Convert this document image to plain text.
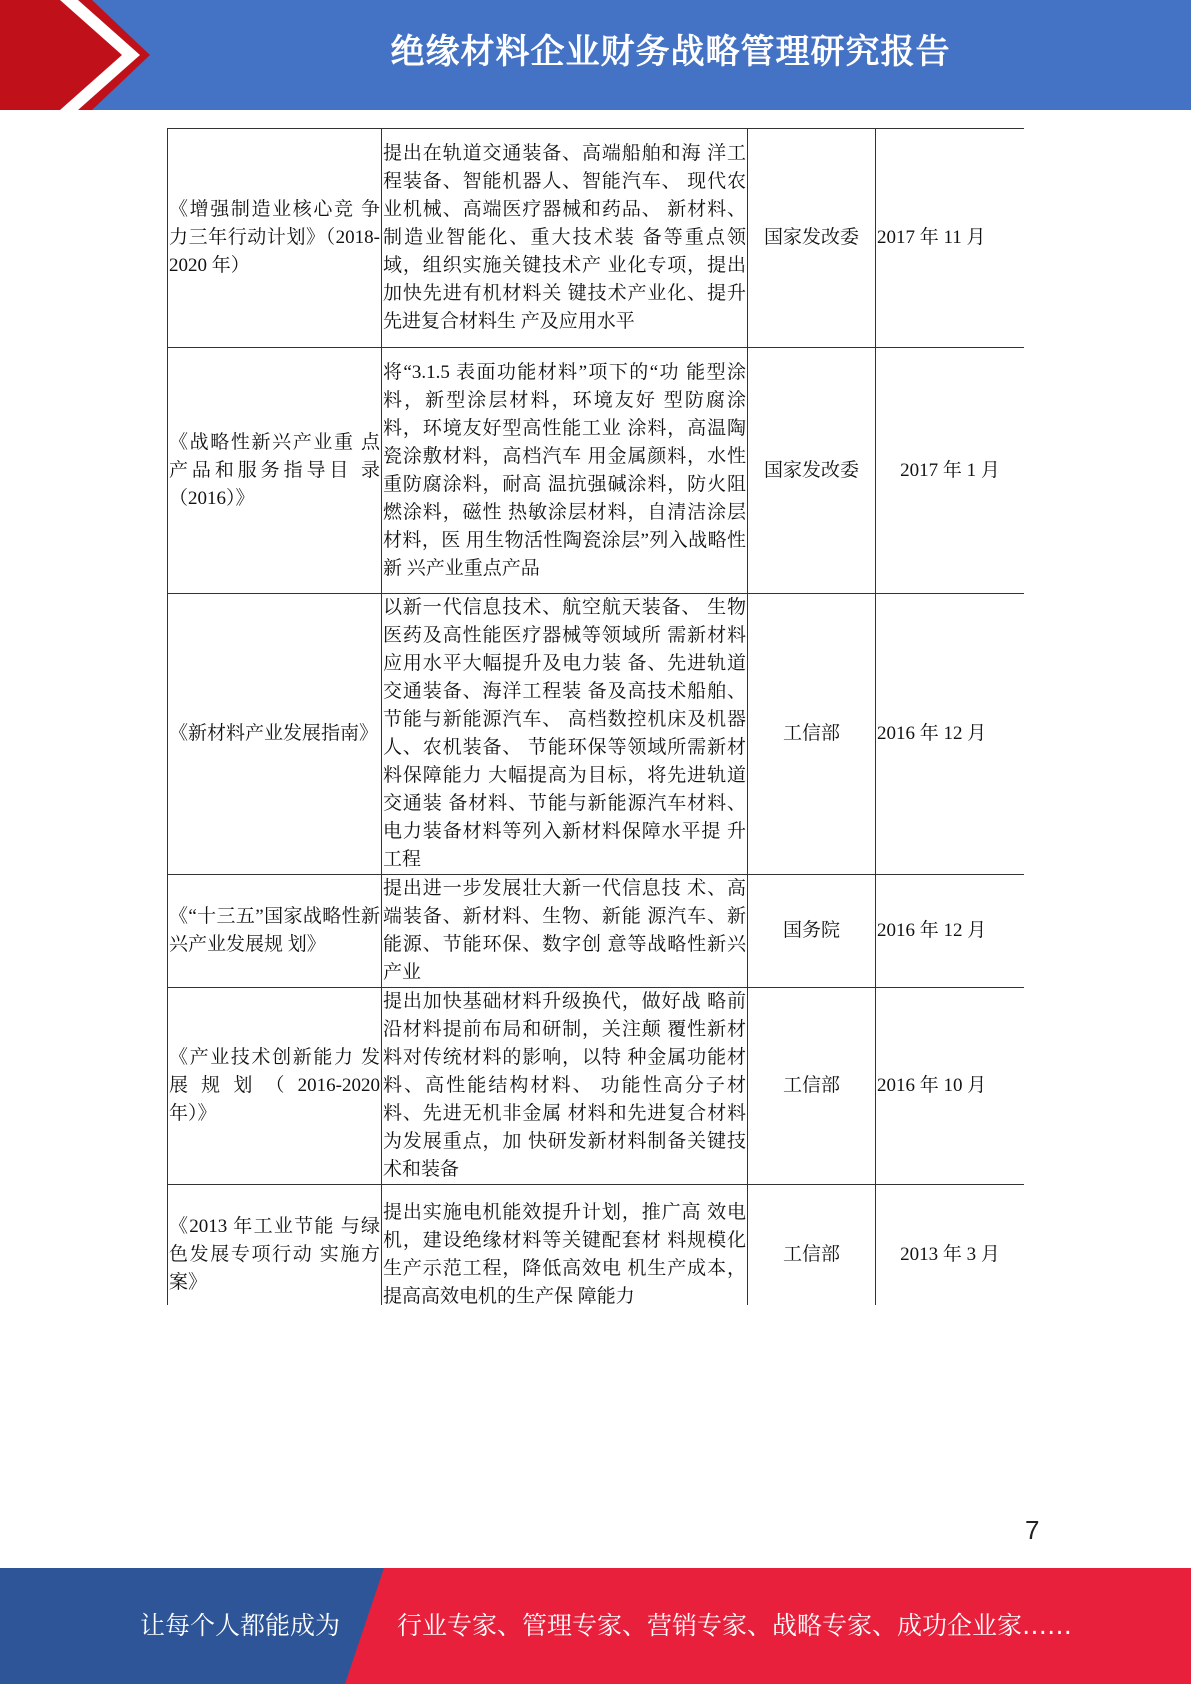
绝缘材料企业财务战略管理研究报告
《增强制造业核心竞 争力三年行动计划》（2018-2020 年）	提出在轨道交通装备、高端船舶和海 洋工程装备、智能机器人、智能汽车、 现代农业机械、高端医疗器械和药品、 新材料、制造业智能化、重大技术装 备等重点领域，组织实施关键技术产 业化专项，提出加快先进有机材料关 键技术产业化、提升先进复合材料生 产及应用水平	国家发改委	2017 年 11 月
《战略性新兴产业重 点产品和服务指导目 录（2016）》	将“3.1.5 表面功能材料”项下的“功 能型涂料，新型涂层材料，环境友好 型防腐涂料，环境友好型高性能工业 涂料，高温陶瓷涂敷材料，高档汽车 用金属颜料，水性重防腐涂料，耐高 温抗强碱涂料，防火阻燃涂料，磁性 热敏涂层材料，自清洁涂层材料，医 用生物活性陶瓷涂层”列入战略性新 兴产业重点产品	国家发改委	2017 年 1 月
《新材料产业发展指南》	以新一代信息技术、航空航天装备、 生物医药及高性能医疗器械等领域所 需新材料应用水平大幅提升及电力装 备、先进轨道交通装备、海洋工程装 备及高技术船舶、节能与新能源汽车、 高档数控机床及机器人、农机装备、 节能环保等领域所需新材料保障能力 大幅提高为目标，将先进轨道交通装 备材料、节能与新能源汽车材料、电力装备材料等列入新材料保障水平提 升工程	工信部	2016 年 12 月
《“十三五”国家战略性新兴产业发展规 划》	提出进一步发展壮大新一代信息技 术、高端装备、新材料、生物、新能 源汽车、新能源、节能环保、数字创 意等战略性新兴产业	国务院	2016 年 12 月
《产业技术创新能力 发展 规 划 （ 2016-2020 年）》	提出加快基础材料升级换代，做好战 略前沿材料提前布局和研制，关注颠 覆性新材料对传统材料的影响，以特 种金属功能材料、高性能结构材料、 功能性高分子材料、先进无机非金属 材料和先进复合材料为发展重点，加 快研发新材料制备关键技术和装备	工信部	2016 年 10 月
《2013 年工业节能 与绿色发展专项行动 实施方案》	提出实施电机能效提升计划，推广高 效电机，建设绝缘材料等关键配套材 料规模化生产示范工程，降低高效电 机生产成本，提高高效电机的生产保 障能力	工信部	2013 年 3 月
7
让每个人都能成为 行业专家、管理专家、营销专家、战略专家、成功企业家……
